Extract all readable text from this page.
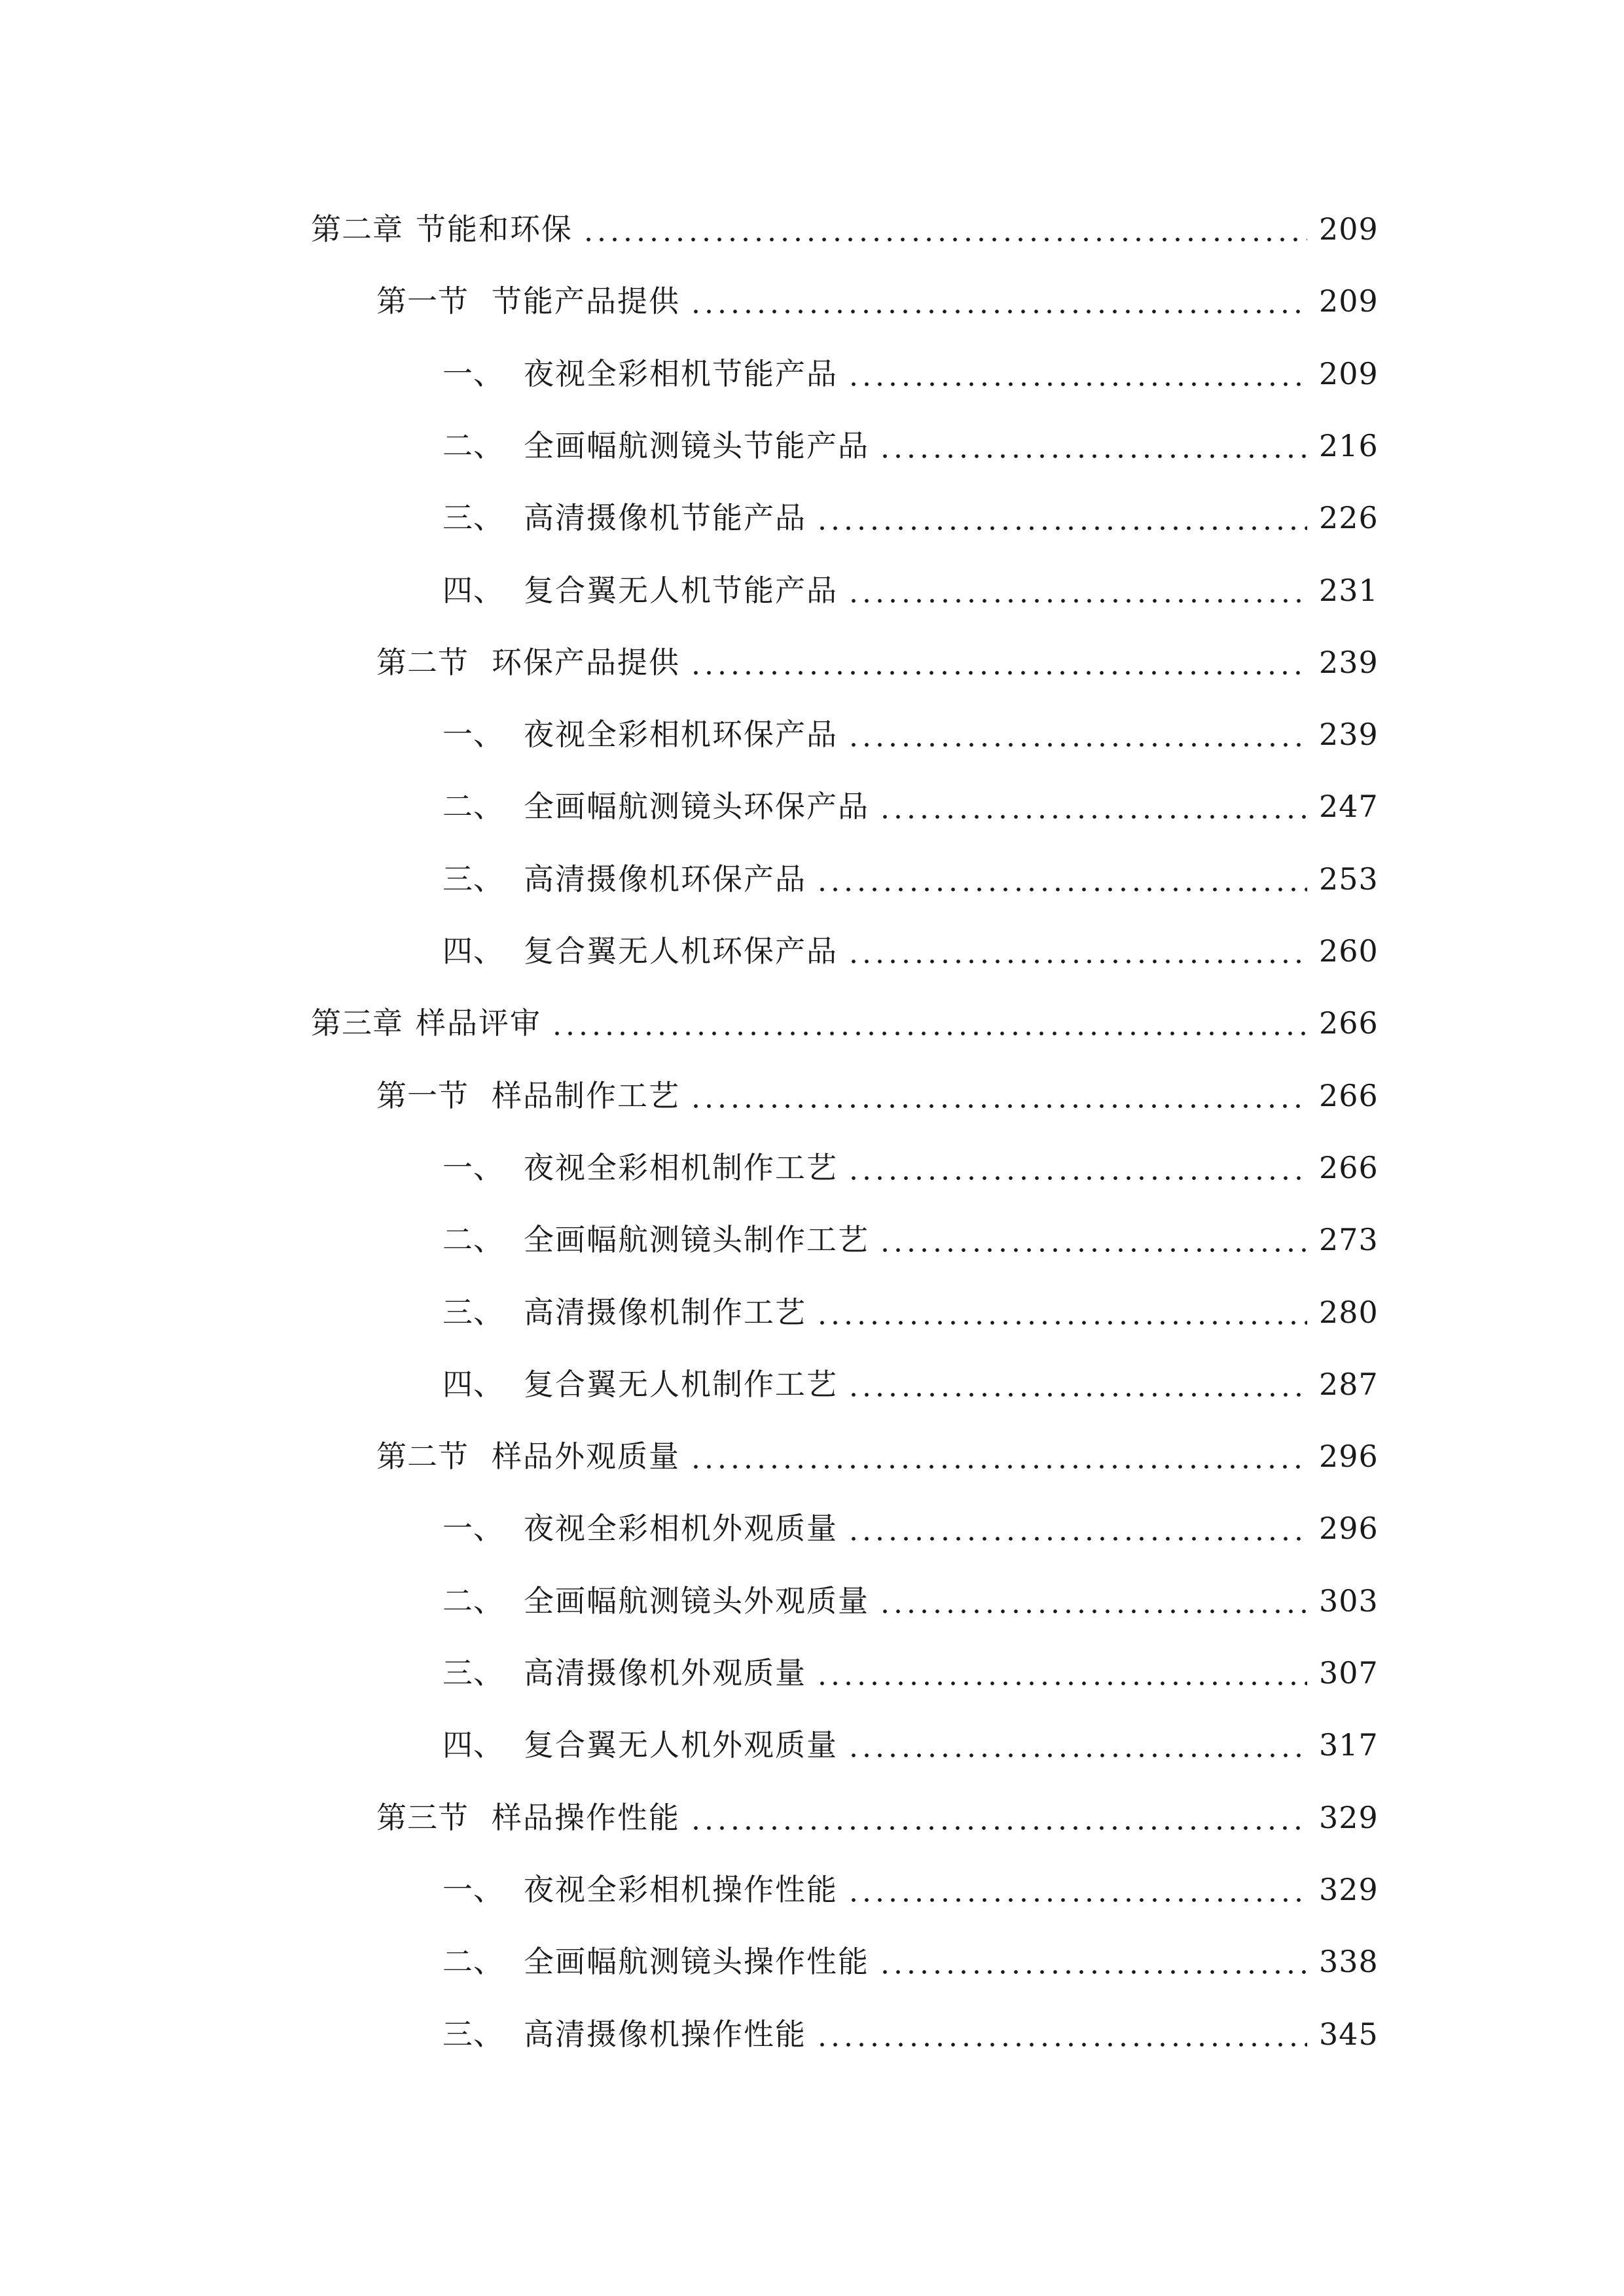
第二章 节能和环保	209
第一节 节能产品提供	209
一、 夜视全彩相机节能产品	209
二、 全画幅航测镜头节能产品	216
三、 高清摄像机节能产品	226
四、 复合翼无人机节能产品	231
第二节 环保产品提供	239
一、 夜视全彩相机环保产品	239
二、 全画幅航测镜头环保产品	247
三、 高清摄像机环保产品	253
四、 复合翼无人机环保产品	260
第三章 样品评审	266
第一节 样品制作工艺	266
一、 夜视全彩相机制作工艺	266
二、 全画幅航测镜头制作工艺	273
三、 高清摄像机制作工艺	280
四、 复合翼无人机制作工艺	287
第二节 样品外观质量	296
一、 夜视全彩相机外观质量	296
二、 全画幅航测镜头外观质量	303
三、 高清摄像机外观质量	307
四、 复合翼无人机外观质量	317
第三节 样品操作性能	329
一、 夜视全彩相机操作性能	329
二、 全画幅航测镜头操作性能	338
三、 高清摄像机操作性能	345
